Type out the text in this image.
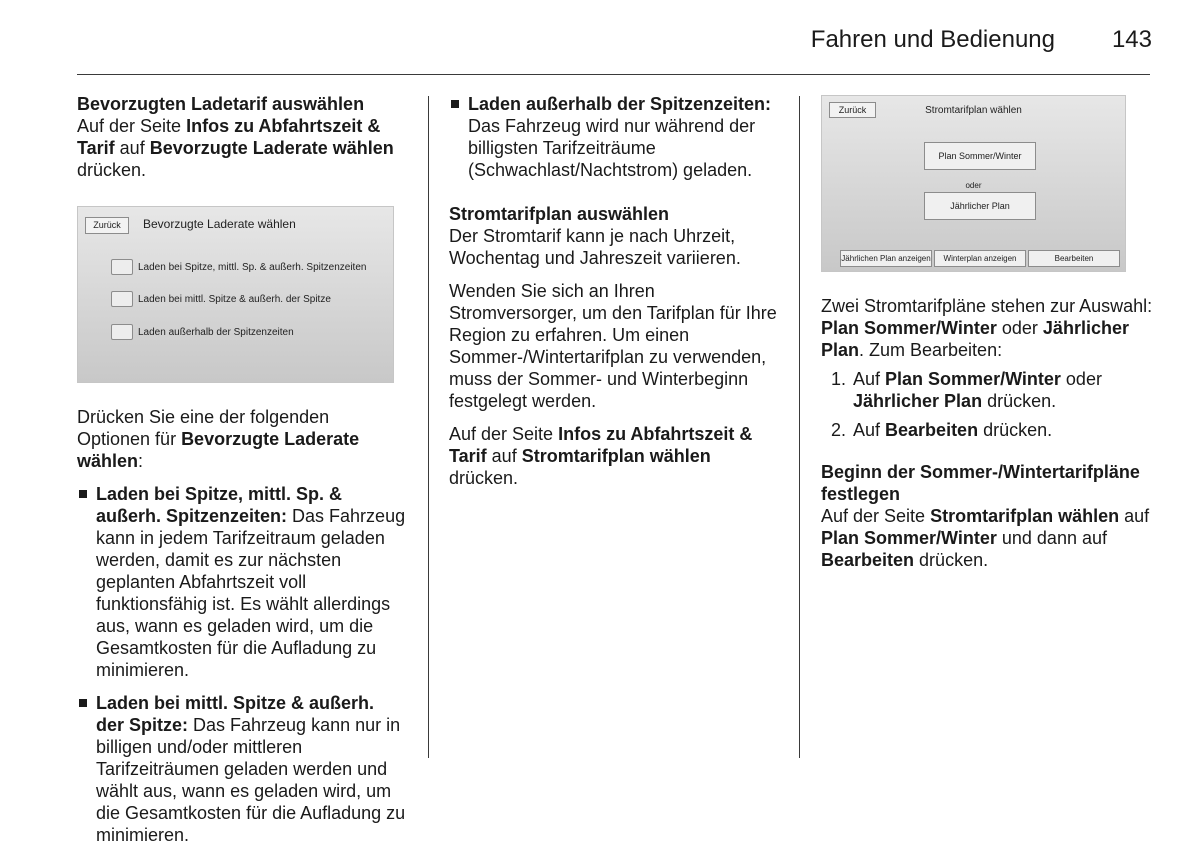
Fahren und Bedienung 143

Bevorzugten Ladetarif auswählen

Auf der Seite Infos zu Abfahrtszeit & Tarif auf Bevorzugte Laderate wählen drücken.

Zurück	Bevorzugte Laderate wählen
Laden bei Spitze, mittl. Sp. & außerh. Spitzenzeiten
Laden bei mittl. Spitze & außerh. der Spitze
Laden außerhalb der Spitzenzeiten

Drücken Sie eine der folgenden Optionen für Bevorzugte Laderate wählen:

Laden bei Spitze, mittl. Sp. & außerh. Spitzenzeiten: Das Fahrzeug kann in jedem Tarifzeitraum geladen werden, damit es zur nächsten geplanten Abfahrtszeit voll funktionsfähig ist. Es wählt allerdings aus, wann es geladen wird, um die Gesamtkosten für die Aufladung zu minimieren.
Laden bei mittl. Spitze & außerh. der Spitze: Das Fahrzeug kann nur in billigen und/oder mittleren Tarifzeiträumen geladen werden und wählt aus, wann es geladen wird, um die Gesamtkosten für die Aufladung zu minimieren.
Laden außerhalb der Spitzenzeiten: Das Fahrzeug wird nur während der billigsten Tarifzeiträume (Schwachlast/Nachtstrom) geladen.

Stromtarifplan auswählen

Der Stromtarif kann je nach Uhrzeit, Wochentag und Jahreszeit variieren.

Wenden Sie sich an Ihren Stromversorger, um den Tarifplan für Ihre Region zu erfahren. Um einen Sommer-/Wintertarifplan zu verwenden, muss der Sommer- und Winterbeginn festgelegt werden.

Auf der Seite Infos zu Abfahrtszeit & Tarif auf Stromtarifplan wählen drücken.

Zurück	Stromtarifplan wählen
Plan Sommer/Winter
oder
Jährlicher Plan
Jährlichen Plan anzeigen	Winterplan anzeigen	Bearbeiten

Zwei Stromtarifpläne stehen zur Auswahl: Plan Sommer/Winter oder Jährlicher Plan. Zum Bearbeiten:

1. Auf Plan Sommer/Winter oder Jährlicher Plan drücken.
2. Auf Bearbeiten drücken.

Beginn der Sommer-/Wintertarifpläne festlegen

Auf der Seite Stromtarifplan wählen auf Plan Sommer/Winter und dann auf Bearbeiten drücken.
